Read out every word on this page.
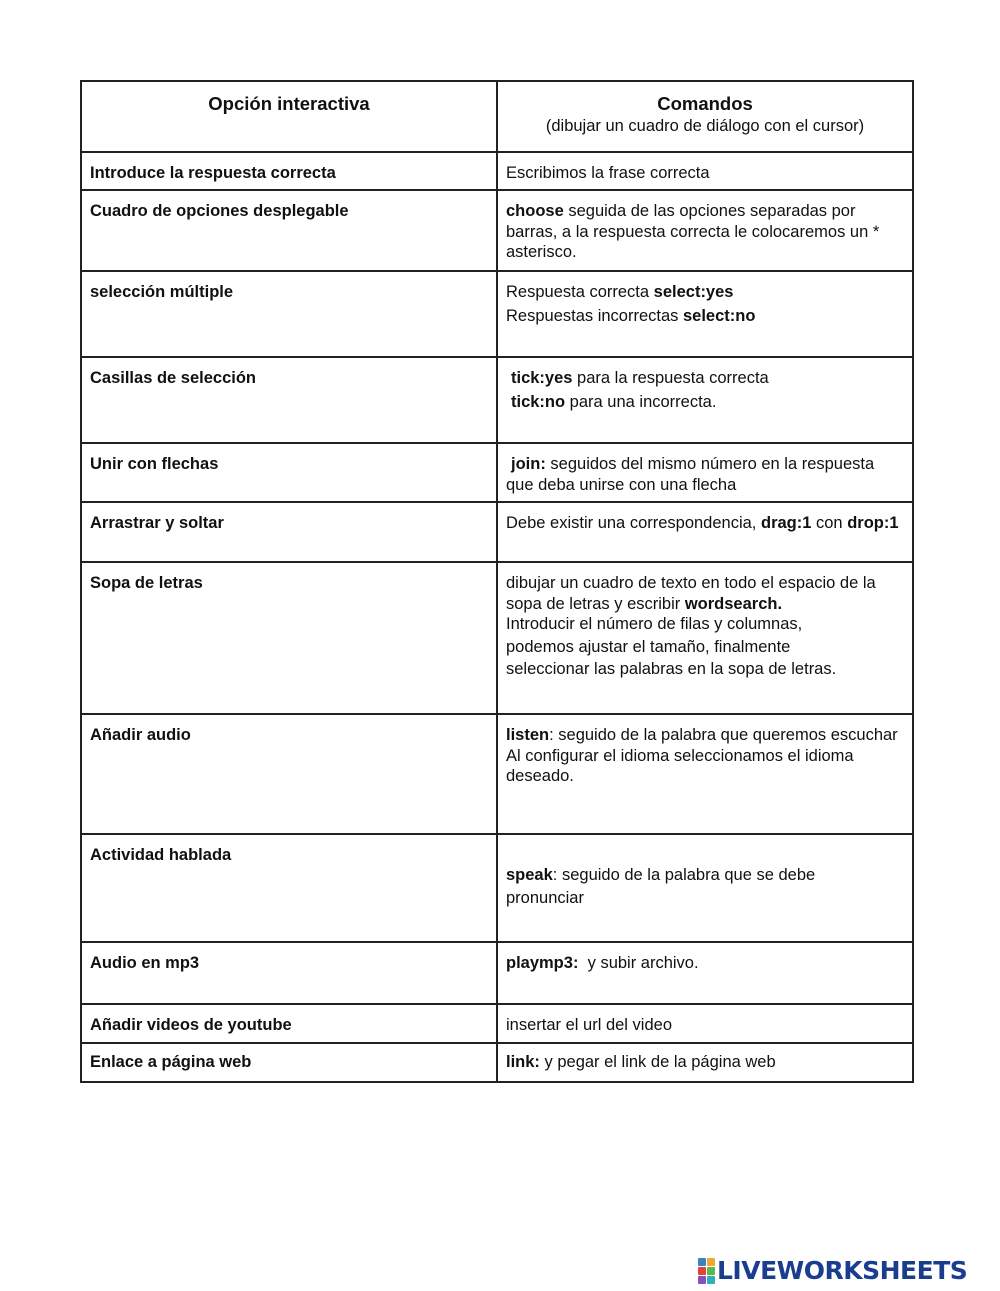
Opción interactiva	Comandos
(dibujar un cuadro de diálogo con el cursor)

Introduce la respuesta correcta	Escribimos la frase correcta
Cuadro de opciones desplegable	choose seguida de las opciones separadas por barras, a la respuesta correcta le colocaremos un * asterisco.
selección múltiple	Respuesta correcta select:yes
Respuestas incorrectas select:no

Casillas de selección	tick:yes para la respuesta correcta
tick:no para una incorrecta.

Unir con flechas	join: seguidos del mismo número en la respuesta que deba unirse con una flecha
Arrastrar y soltar	Debe existir una correspondencia, drag:1 con drop:1
Sopa de letras	dibujar un cuadro de texto en todo el espacio de la sopa de letras y escribir wordsearch.
Introducir el número de filas y columnas,
podemos ajustar el tamaño, finalmente
seleccionar las palabras en la sopa de letras.

Añadir audio	listen: seguido de la palabra que queremos escuchar
Al configurar el idioma seleccionamos el idioma deseado.

Actividad hablada	speak: seguido de la palabra que se debe
pronunciar

Audio en mp3	playmp3:  y subir archivo.
Añadir videos de youtube	insertar el url del video
Enlace a página web	link: y pegar el link de la página web
LIVEWORKSHEETS
